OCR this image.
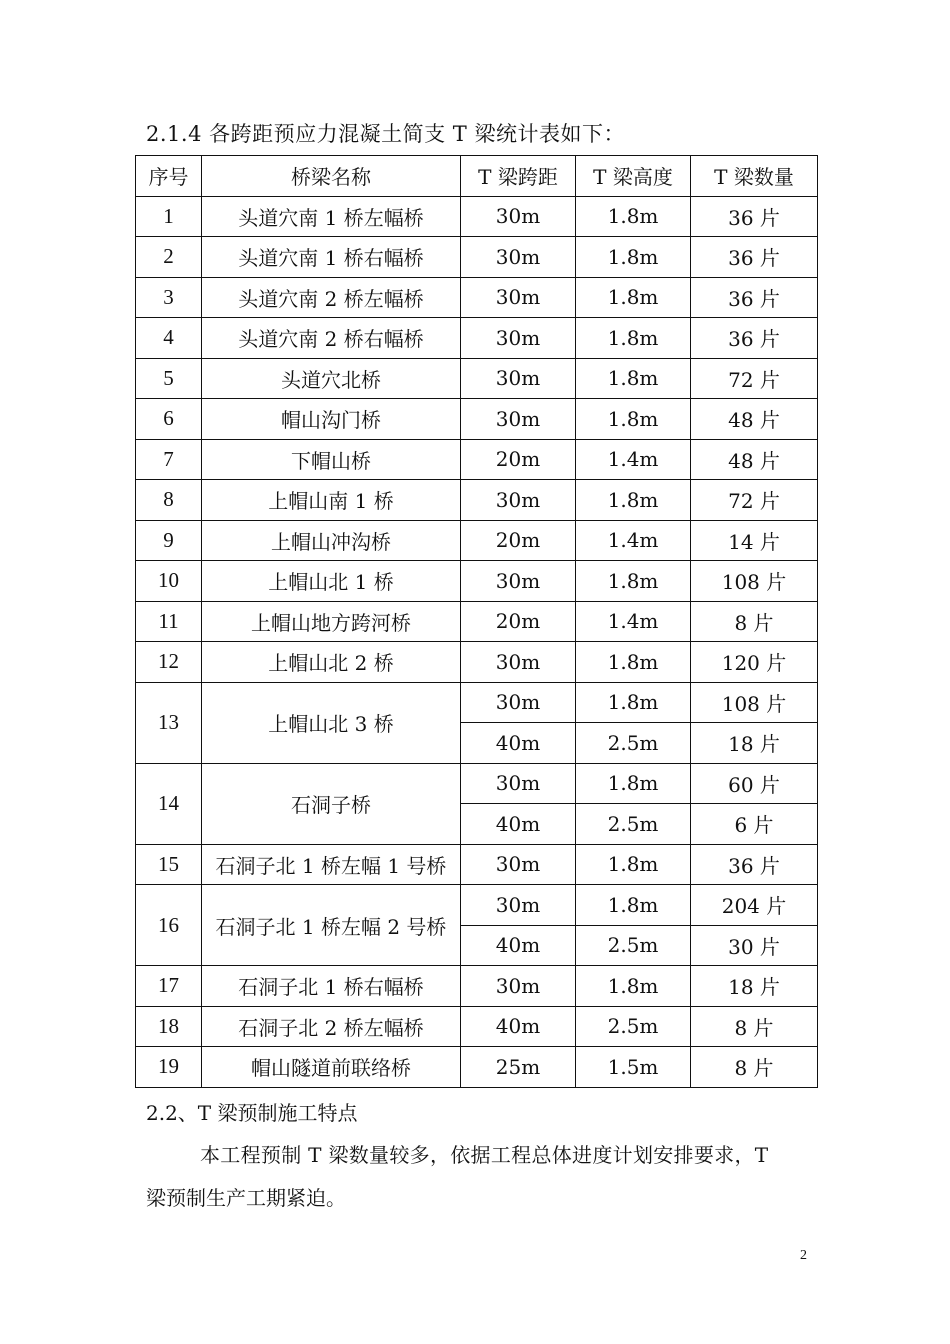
2.1.4 各跨距预应力混凝土简支 T 梁统计表如下：
序号	桥梁名称	T 梁跨距	T 梁高度	T 梁数量
1	头道穴南 1 桥左幅桥	30m	1.8m	36 片
2	头道穴南 1 桥右幅桥	30m	1.8m	36 片
3	头道穴南 2 桥左幅桥	30m	1.8m	36 片
4	头道穴南 2 桥右幅桥	30m	1.8m	36 片
5	头道穴北桥	30m	1.8m	72 片
6	帽山沟门桥	30m	1.8m	48 片
7	下帽山桥	20m	1.4m	48 片
8	上帽山南 1 桥	30m	1.8m	72 片
9	上帽山冲沟桥	20m	1.4m	14 片
10	上帽山北 1 桥	30m	1.8m	108 片
11	上帽山地方跨河桥	20m	1.4m	8 片
12	上帽山北 2 桥	30m	1.8m	120 片
13	上帽山北 3 桥	30m	1.8m	108 片
		40m	2.5m	18 片
14	石洞子桥	30m	1.8m	60 片
		40m	2.5m	6 片
15	石洞子北 1 桥左幅 1 号桥	30m	1.8m	36 片
16	石洞子北 1 桥左幅 2 号桥	30m	1.8m	204 片
		40m	2.5m	30 片
17	石洞子北 1 桥右幅桥	30m	1.8m	18 片
18	石洞子北 2 桥左幅桥	40m	2.5m	8 片
19	帽山隧道前联络桥	25m	1.5m	8 片
2.2、T 梁预制施工特点
本工程预制 T 梁数量较多，依据工程总体进度计划安排要求，T
梁预制生产工期紧迫。
2
